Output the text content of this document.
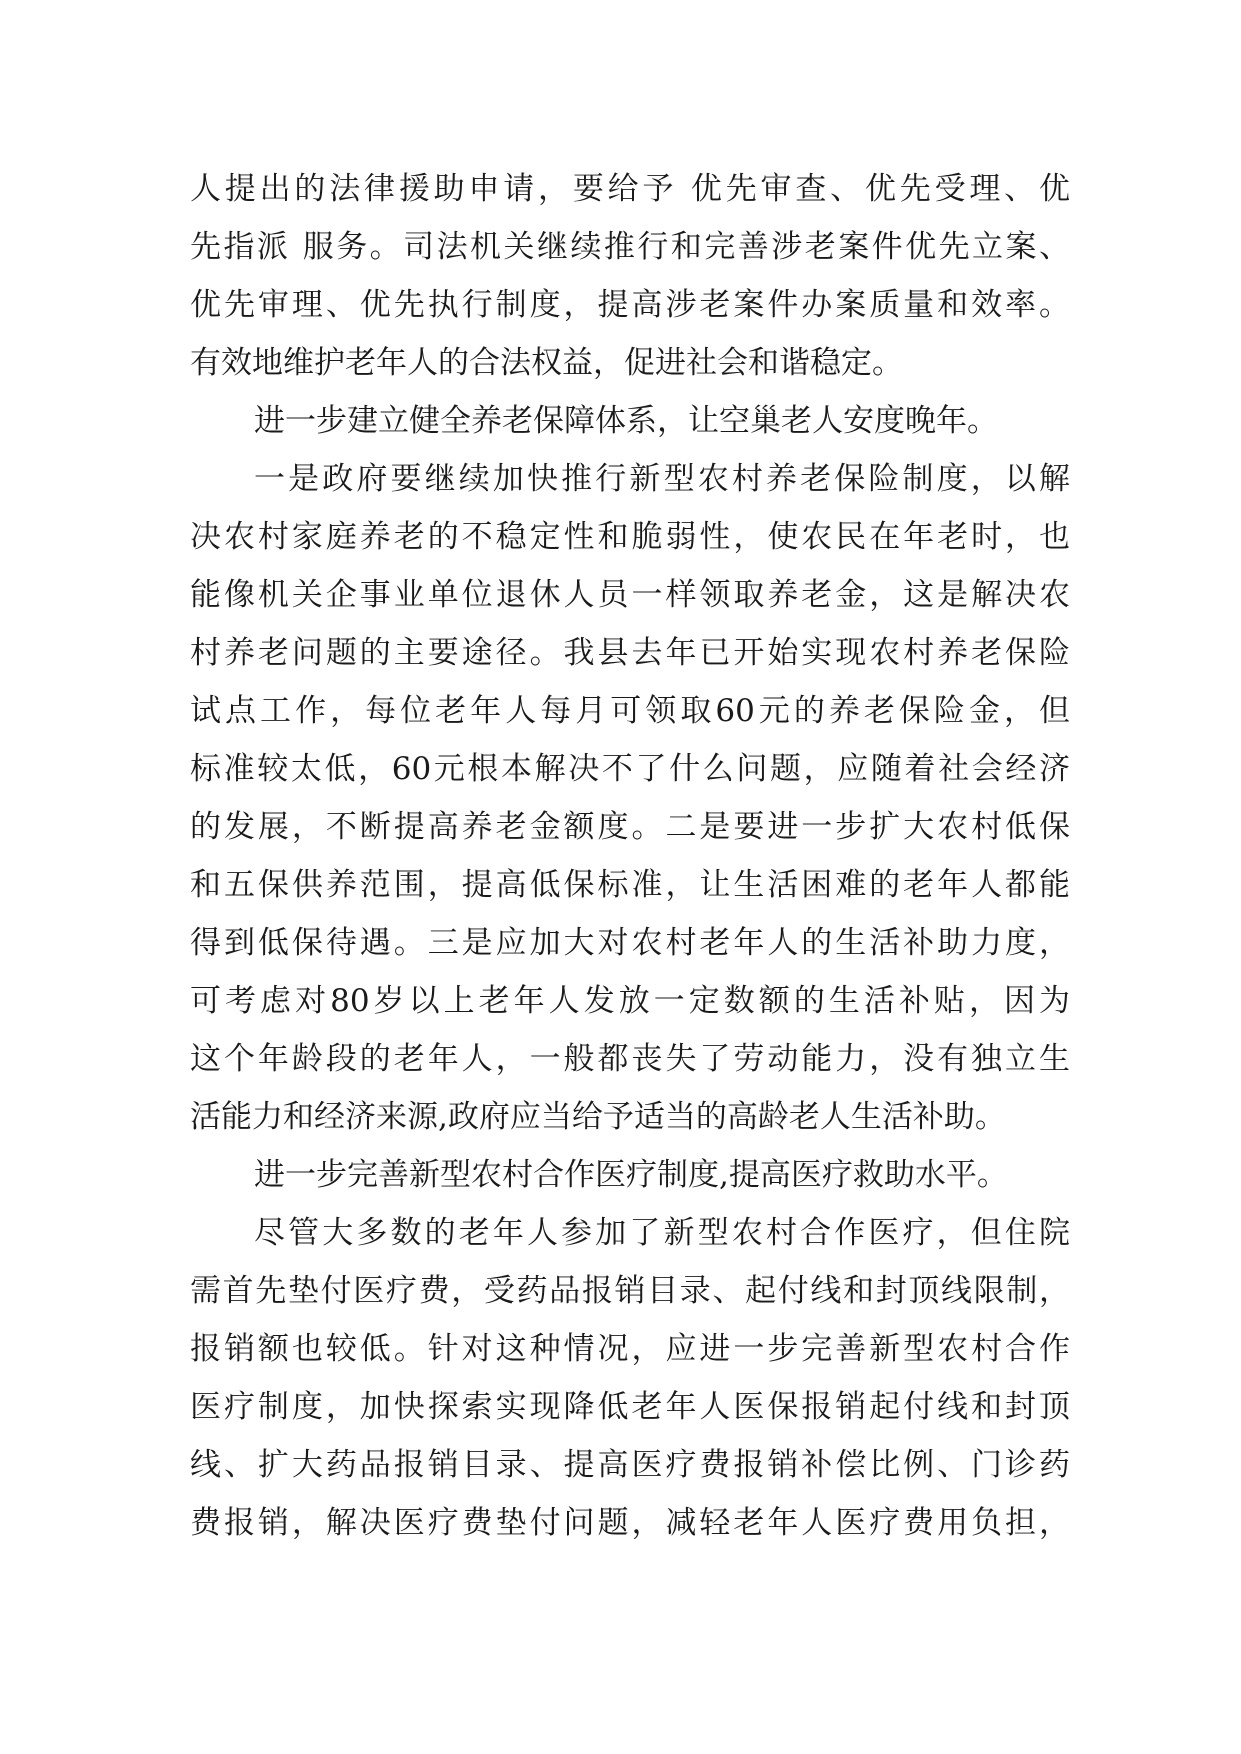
人提出的法律援助申请，要给予 优先审查、优先受理、优
先指派 服务。司法机关继续推行和完善涉老案件优先立案、
优先审理、优先执行制度，提高涉老案件办案质量和效率。
有效地维护老年人的合法权益，促进社会和谐稳定。
进一步建立健全养老保障体系，让空巢老人安度晚年。
一是政府要继续加快推行新型农村养老保险制度，以解
决农村家庭养老的不稳定性和脆弱性，使农民在年老时，也
能像机关企事业单位退休人员一样领取养老金，这是解决农
村养老问题的主要途径。我县去年已开始实现农村养老保险
试点工作，每位老年人每月可领取60元的养老保险金，但
标准较太低，60元根本解决不了什么问题，应随着社会经济
的发展，不断提高养老金额度。二是要进一步扩大农村低保
和五保供养范围，提高低保标准，让生活困难的老年人都能
得到低保待遇。三是应加大对农村老年人的生活补助力度，
可考虑对80岁以上老年人发放一定数额的生活补贴，因为
这个年龄段的老年人，一般都丧失了劳动能力，没有独立生
活能力和经济来源,政府应当给予适当的高龄老人生活补助。
进一步完善新型农村合作医疗制度,提高医疗救助水平。
尽管大多数的老年人参加了新型农村合作医疗，但住院
需首先垫付医疗费，受药品报销目录、起付线和封顶线限制，
报销额也较低。针对这种情况，应进一步完善新型农村合作
医疗制度，加快探索实现降低老年人医保报销起付线和封顶
线、扩大药品报销目录、提高医疗费报销补偿比例、门诊药
费报销，解决医疗费垫付问题，减轻老年人医疗费用负担，
